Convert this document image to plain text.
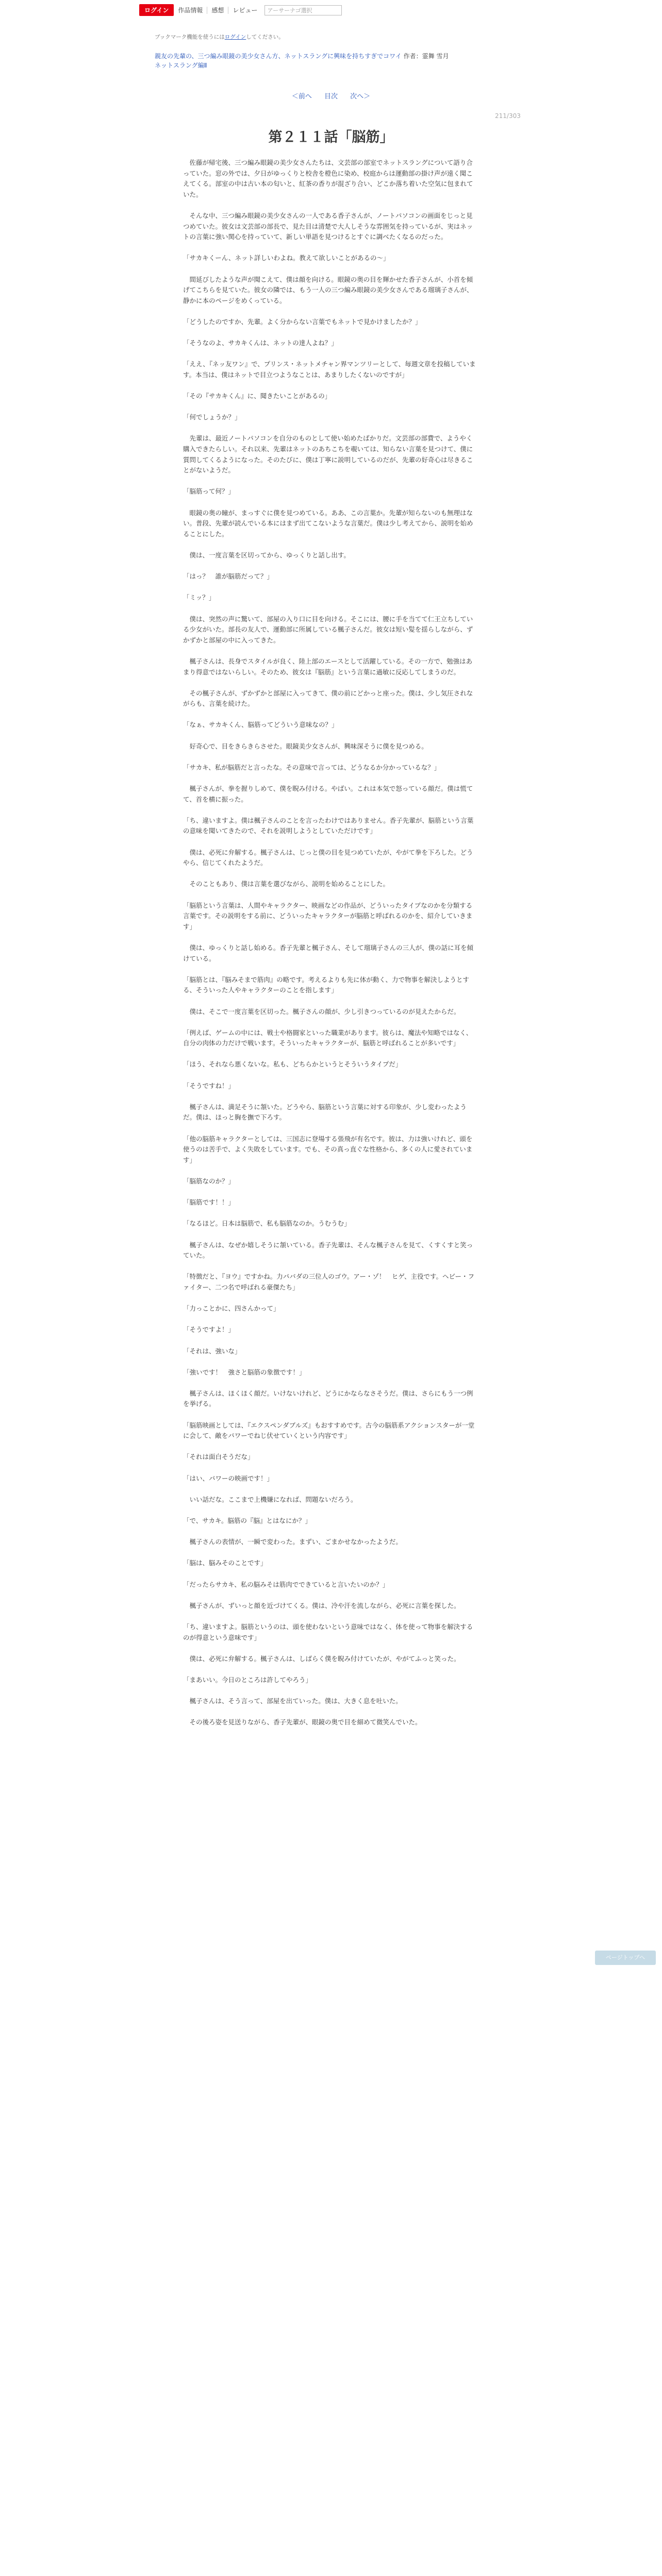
ログイン	作品情報	感想	レビュー	アーサーナゴ選択
ブックマーク機能を使うにはログインしてください。
親友の先輩の、三つ編み眼鏡の美少女さん方、ネットスラングに興味を持ちすぎでコワイ 作者：霊舞 雪月
ネットスラング編Ⅱ
＜前へ 目次 次へ＞
211/303
第２１１話「脳筋」

　佐藤が帰宅後、三つ編み眼鏡の美少女さんたちは、文芸部の部室でネットスラングについて語り合っていた。窓の外では、夕日がゆっくりと校舎を橙色に染め、校庭からは運動部の掛け声が遠く聞こえてくる。部室の中は古い本の匂いと、紅茶の香りが混ざり合い、どこか落ち着いた空気に包まれていた。

　そんな中、三つ編み眼鏡の美少女さんの一人である香子さんが、ノートパソコンの画面をじっと見つめていた。彼女は文芸部の部長で、見た目は清楚で大人しそうな雰囲気を持っているが、実はネットの言葉に強い関心を持っていて、新しい単語を見つけるとすぐに調べたくなるのだった。

「サカキくーん、ネット詳しいわよね。教えて欲しいことがあるの～」

　間延びしたような声が聞こえて、僕は顔を向ける。眼鏡の奥の目を輝かせた香子さんが、小首を傾げてこちらを見ていた。彼女の隣では、もう一人の三つ編み眼鏡の美少女さんである瑠璃子さんが、静かに本のページをめくっている。

「どうしたのですか、先輩。よく分からない言葉でもネットで見かけましたか？」

「そうなのよ、サカキくんは、ネットの達人よね？」

「ええ、『ネッ友ワン』で、プリンス・ネットメチャン界マンツリーとして、毎週文章を投稿しています。本当は、僕はネットで目立つようなことは、あまりしたくないのですが」

「その『サカキくん』に、聞きたいことがあるの」

「何でしょうか？」

　先輩は、最近ノートパソコンを自分のものとして使い始めたばかりだ。文芸部の部費で、ようやく購入できたらしい。それ以来、先輩はネットのあちこちを覗いては、知らない言葉を見つけて、僕に質問してくるようになった。そのたびに、僕は丁寧に説明しているのだが、先輩の好奇心は尽きることがないようだ。

「脳筋って何？」

　眼鏡の奥の瞳が、まっすぐに僕を見つめている。ああ、この言葉か。先輩が知らないのも無理はない。普段、先輩が読んでいる本にはまず出てこないような言葉だ。僕は少し考えてから、説明を始めることにした。

　僕は、一度言葉を区切ってから、ゆっくりと話し出す。

「はっ？　誰が脳筋だって？」

「ミッ？」

　僕は、突然の声に驚いて、部屋の入り口に目を向ける。そこには、腰に手を当てて仁王立ちしている少女がいた。部長の友人で、運動部に所属している楓子さんだ。彼女は短い髪を揺らしながら、ずかずかと部屋の中に入ってきた。

　楓子さんは、長身でスタイルが良く、陸上部のエースとして活躍している。その一方で、勉強はあまり得意ではないらしい。そのため、彼女は『脳筋』という言葉に過敏に反応してしまうのだ。

　その楓子さんが、ずかずかと部屋に入ってきて、僕の前にどかっと座った。僕は、少し気圧されながらも、言葉を続けた。

「なぁ、サカキくん、脳筋ってどういう意味なの？」

　好奇心で、目をきらきらさせた。眼鏡美少女さんが、興味深そうに僕を見つめる。

「サカキ、私が脳筋だと言ったな。その意味で言っては、どうなるか分かっているな？」

　楓子さんが、拳を握りしめて、僕を睨み付ける。やばい。これは本気で怒っている顔だ。僕は慌てて、首を横に振った。

「ち、違いますよ。僕は楓子さんのことを言ったわけではありません。香子先輩が、脳筋という言葉の意味を聞いてきたので、それを説明しようとしていただけです」

　僕は、必死に弁解する。楓子さんは、じっと僕の目を見つめていたが、やがて拳を下ろした。どうやら、信じてくれたようだ。

　そのこともあり、僕は言葉を選びながら、説明を始めることにした。

「脳筋という言葉は、人間やキャラクター、映画などの作品が、どういったタイプなのかを分類する言葉です。その説明をする前に、どういったキャラクターが脳筋と呼ばれるのかを、紹介していきます」

　僕は、ゆっくりと話し始める。香子先輩と楓子さん、そして瑠璃子さんの三人が、僕の話に耳を傾けている。

「脳筋とは、『脳みそまで筋肉』の略です。考えるよりも先に体が動く、力で物事を解決しようとする、そういった人やキャラクターのことを指します」

　僕は、そこで一度言葉を区切った。楓子さんの顔が、少し引きつっているのが見えたからだ。

「例えば、ゲームの中には、戦士や格闘家といった職業があります。彼らは、魔法や知略ではなく、自分の肉体の力だけで戦います。そういったキャラクターが、脳筋と呼ばれることが多いです」

「ほう、それなら悪くないな。私も、どちらかというとそういうタイプだ」

「そうですね！」

　楓子さんは、満足そうに頷いた。どうやら、脳筋という言葉に対する印象が、少し変わったようだ。僕は、ほっと胸を撫で下ろす。

「他の脳筋キャラクターとしては、三国志に登場する張飛が有名です。彼は、力は強いけれど、頭を使うのは苦手で、よく失敗をしています。でも、その真っ直ぐな性格から、多くの人に愛されています」

「脳筋なのか？」

「脳筋です！！」

「なるほど。日本は脳筋で、私も脳筋なのか。うむうむ」

　楓子さんは、なぜか嬉しそうに頷いている。香子先輩は、そんな楓子さんを見て、くすくすと笑っていた。

「特徴だと、『ヨウ』ですかね。力パバダの三位人のゴウ。アー・ゾ！　ヒゲ、主役です。ヘビー・ファイター、二つ名で呼ばれる豪傑たち」

「力っことかに、四さんかって」

「そうですよ！」

「それは、強いな」

「強いです！　強さと脳筋の象徴です！」

　楓子さんは、ほくほく顔だ。いけないけれど、どうにかならなさそうだ。僕は、さらにもう一つ例を挙げる。

「脳筋映画としては、『エクスペンダブルズ』もおすすめです。古今の脳筋系アクションスターが一堂に会して、敵をパワーでねじ伏せていくという内容です」

「それは面白そうだな」

「はい、パワーの映画です！」

　いい話だな。ここまで上機嫌になれば、問題ないだろう。

「で、サカキ。脳筋の『脳』とはなにか？」

　楓子さんの表情が、一瞬で変わった。まずい、ごまかせなかったようだ。

「脳は、脳みそのことです」

「だったらサカキ、私の脳みそは筋肉でできていると言いたいのか？」

　楓子さんが、ずいっと顔を近づけてくる。僕は、冷や汗を流しながら、必死に言葉を探した。

「ち、違いますよ。脳筋というのは、頭を使わないという意味ではなく、体を使って物事を解決するのが得意という意味です」

　僕は、必死に弁解する。楓子さんは、しばらく僕を睨み付けていたが、やがてふっと笑った。

「まあいい。今日のところは許してやろう」

　楓子さんは、そう言って、部屋を出ていった。僕は、大きく息を吐いた。

　その後ろ姿を見送りながら、香子先輩が、眼鏡の奥で目を細めて微笑んでいた。

ページトップへ
